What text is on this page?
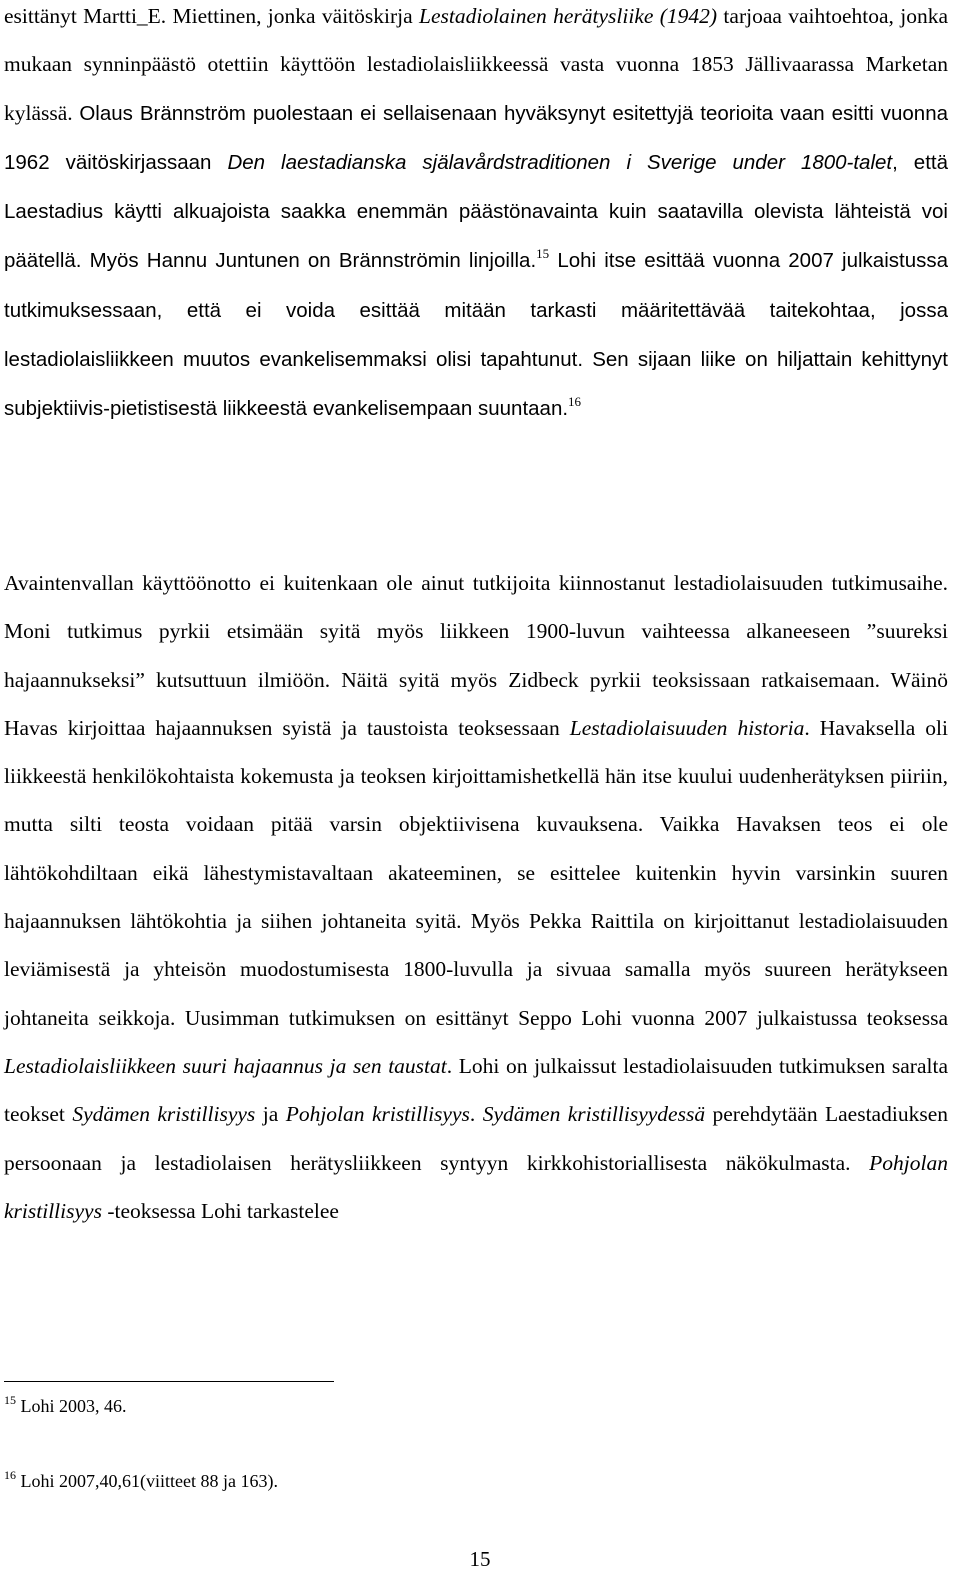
esittänyt Martti_E. Miettinen, jonka väitöskirja Lestadiolainen herätysliike (1942) tarjoaa vaihtoehtoa, jonka mukaan synninpäästö otettiin käyttöön lestadiolaisliikkeessä vasta vuonna 1853 Jällivaarassa Marketan kylässä. Olaus Brännström puolestaan ei sellaisenaan hyväksynyt esitettyjä teorioita vaan esitti vuonna 1962 väitöskirjassaan Den laestadianska själavårdstraditionen i Sverige under 1800-talet, että Laestadius käytti alkuajoista saakka enemmän päästönavainta kuin saatavilla olevista lähteistä voi päätellä. Myös Hannu Juntunen on Brännströmin linjoilla.$^{15}$ Lohi itse esittää vuonna 2007 julkaistussa tutkimuksessaan, että ei voida esittää mitään tarkasti määritettävää taitekohtaa, jossa lestadiolaisliikkeen muutos evankelisemmaksi olisi tapahtunut. Sen sijaan liike on hiljattain kehittynyt subjektiivis-pietistisestä liikkeestä evankelisempaan suuntaan.$^{16}$

Avaintenvallan käyttöönotto ei kuitenkaan ole ainut tutkijoita kiinnostanut lestadiolaisuuden tutkimusaihe. Moni tutkimus pyrkii etsimään syitä myös liikkeen 1900-luvun vaihteessa alkaneeseen ”suureksi hajaannukseksi” kutsuttuun ilmiöön. Näitä syitä myös Zidbeck pyrkii teoksissaan ratkaisemaan. Wäinö Havas kirjoittaa hajaannuksen syistä ja taustoista teoksessaan Lestadiolaisuuden historia. Havaksella oli liikkeestä henkilökohtaista kokemusta ja teoksen kirjoittamishetkellä hän itse kuului uudenherätyksen piiriin, mutta silti teosta voidaan pitää varsin objektiivisena kuvauksena. Vaikka Havaksen teos ei ole lähtökohdiltaan eikä lähestymistavaltaan akateeminen, se esittelee kuitenkin hyvin varsinkin suuren hajaannuksen lähtökohtia ja siihen johtaneita syitä. Myös Pekka Raittila on kirjoittanut lestadiolaisuuden leviämisestä ja yhteisön muodostumisesta 1800-luvulla ja sivuaa samalla myös suureen herätykseen johtaneita seikkoja. Uusimman tutkimuksen on esittänyt Seppo Lohi vuonna 2007 julkaistussa teoksessa Lestadiolaisliikkeen suuri hajaannus ja sen taustat. Lohi on julkaissut lestadiolaisuuden tutkimuksen saralta teokset Sydämen kristillisyys ja Pohjolan kristillisyys. Sydämen kristillisyydessä perehdytään Laestadiuksen persoonaan ja lestadiolaisen herätysliikkeen syntyyn kirkkohistoriallisesta näkökulmasta. Pohjolan kristillisyys -teoksessa Lohi tarkastelee

$^{15}$ Lohi 2003, 46.
$^{16}$ Lohi 2007,40,61(viitteet 88 ja 163).
15
